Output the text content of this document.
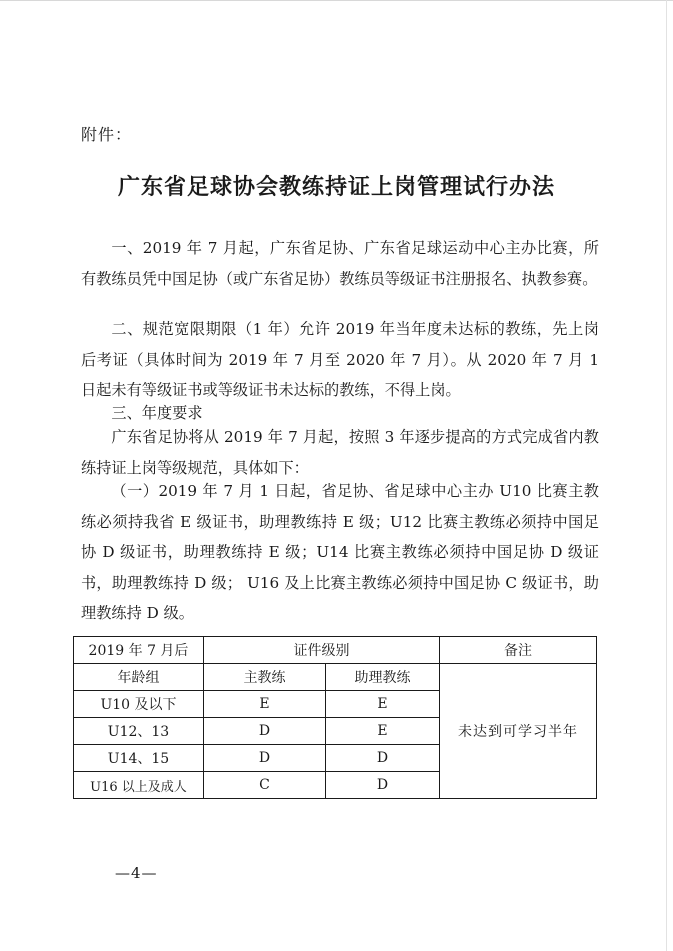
附件：
广东省足球协会教练持证上岗管理试行办法

一、2019 年 7 月起，广东省足协、广东省足球运动中心主办比赛，所有教练员凭中国足协（或广东省足协）教练员等级证书注册报名、执教参赛。

二、规范宽限期限（1 年）允许 2019 年当年度未达标的教练，先上岗后考证（具体时间为 2019 年 7 月至 2020 年 7 月）。从 2020 年 7 月 1 日起未有等级证书或等级证书未达标的教练，不得上岗。

三、年度要求

广东省足协将从 2019 年 7 月起，按照 3 年逐步提高的方式完成省内教练持证上岗等级规范，具体如下：

（一）2019 年 7 月 1 日起，省足协、省足球中心主办 U10 比赛主教练必须持我省 E 级证书，助理教练持 E 级；U12 比赛主教练必须持中国足协 D 级证书，助理教练持 E 级；U14 比赛主教练必须持中国足协 D 级证书，助理教练持 D 级； U16 及上比赛主教练必须持中国足协 C 级证书，助理教练持 D 级。

2019 年 7 月后	证件级别		备注
年龄组	主教练	助理教练	未达到可学习半年
U10 及以下	E	E	
U12、13	D	E	
U14、15	D	D	
U16 以上及成人	C	D	
—4—
